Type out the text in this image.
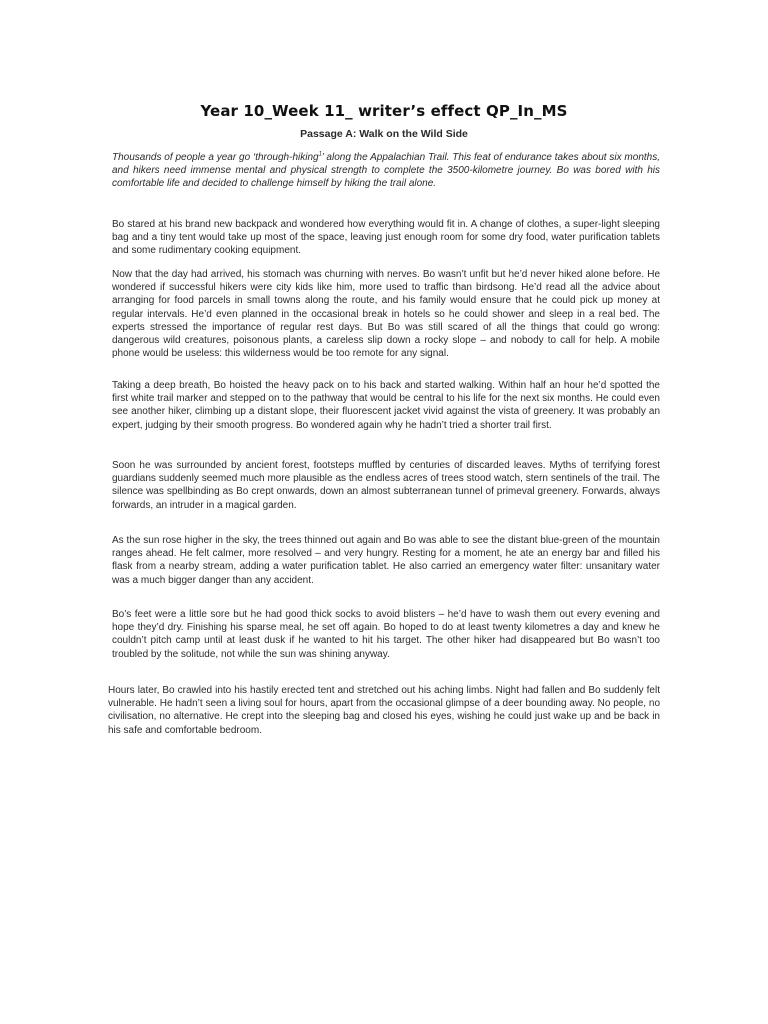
Year 10_Week 11_ writer’s effect QP_In_MS
Passage A: Walk on the Wild Side

Thousands of people a year go ‘through-hiking$^1$’ along the Appalachian Trail. This feat of endurance takes about six months, and hikers need immense mental and physical strength to complete the 3500-kilometre journey. Bo was bored with his comfortable life and decided to challenge himself by hiking the trail alone.

Bo stared at his brand new backpack and wondered how everything would fit in. A change of clothes, a super-light sleeping bag and a tiny tent would take up most of the space, leaving just enough room for some dry food, water purification tablets and some rudimentary cooking equipment.

Now that the day had arrived, his stomach was churning with nerves. Bo wasn’t unfit but he’d never hiked alone before. He wondered if successful hikers were city kids like him, more used to traffic than birdsong. He’d read all the advice about arranging for food parcels in small towns along the route, and his family would ensure that he could pick up money at regular intervals. He’d even planned in the occasional break in hotels so he could shower and sleep in a real bed. The experts stressed the importance of regular rest days. But Bo was still scared of all the things that could go wrong: dangerous wild creatures, poisonous plants, a careless slip down a rocky slope – and nobody to call for help. A mobile phone would be useless: this wilderness would be too remote for any signal.

Taking a deep breath, Bo hoisted the heavy pack on to his back and started walking. Within half an hour he’d spotted the first white trail marker and stepped on to the pathway that would be central to his life for the next six months. He could even see another hiker, climbing up a distant slope, their fluorescent jacket vivid against the vista of greenery. It was probably an expert, judging by their smooth progress. Bo wondered again why he hadn’t tried a shorter trail first.

Soon he was surrounded by ancient forest, footsteps muffled by centuries of discarded leaves. Myths of terrifying forest guardians suddenly seemed much more plausible as the endless acres of trees stood watch, stern sentinels of the trail. The silence was spellbinding as Bo crept onwards, down an almost subterranean tunnel of primeval greenery. Forwards, always forwards, an intruder in a magical garden.

As the sun rose higher in the sky, the trees thinned out again and Bo was able to see the distant blue-green of the mountain ranges ahead. He felt calmer, more resolved – and very hungry. Resting for a moment, he ate an energy bar and filled his flask from a nearby stream, adding a water purification tablet. He also carried an emergency water filter: unsanitary water was a much bigger danger than any accident.

Bo’s feet were a little sore but he had good thick socks to avoid blisters – he’d have to wash them out every evening and hope they’d dry. Finishing his sparse meal, he set off again. Bo hoped to do at least twenty kilometres a day and knew he couldn’t pitch camp until at least dusk if he wanted to hit his target. The other hiker had disappeared but Bo wasn’t too troubled by the solitude, not while the sun was shining anyway.

Hours later, Bo crawled into his hastily erected tent and stretched out his aching limbs. Night had fallen and Bo suddenly felt vulnerable. He hadn’t seen a living soul for hours, apart from the occasional glimpse of a deer bounding away. No people, no civilisation, no alternative. He crept into the sleeping bag and closed his eyes, wishing he could just wake up and be back in his safe and comfortable bedroom.
